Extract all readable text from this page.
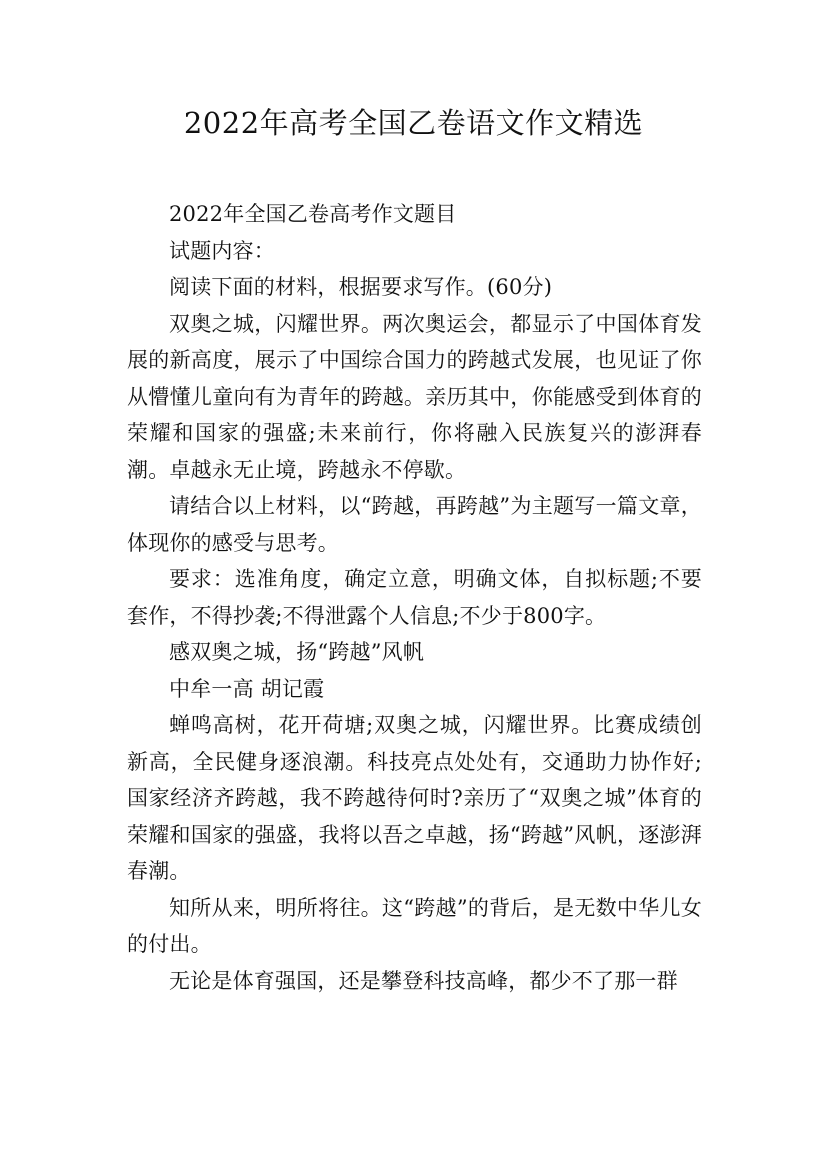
2022年高考全国乙卷语文作文精选

2022年全国乙卷高考作文题目

试题内容：

阅读下面的材料，根据要求写作。(60分)

双奥之城，闪耀世界。两次奥运会，都显示了中国体育发展的新高度，展示了中国综合国力的跨越式发展，也见证了你从懵懂儿童向有为青年的跨越。亲历其中，你能感受到体育的荣耀和国家的强盛;未来前行，你将融入民族复兴的澎湃春潮。卓越永无止境，跨越永不停歇。

请结合以上材料，以“跨越，再跨越”为主题写一篇文章，体现你的感受与思考。

要求：选准角度，确定立意，明确文体，自拟标题;不要套作，不得抄袭;不得泄露个人信息;不少于800字。

感双奥之城，扬“跨越”风帆

中牟一高 胡记霞

蝉鸣高树，花开荷塘;双奥之城，闪耀世界。比赛成绩创新高，全民健身逐浪潮。科技亮点处处有，交通助力协作好;国家经济齐跨越，我不跨越待何时?亲历了“双奥之城”体育的荣耀和国家的强盛，我将以吾之卓越，扬“跨越”风帆，逐澎湃春潮。

知所从来，明所将往。这“跨越”的背后，是无数中华儿女的付出。

无论是体育强国，还是攀登科技高峰，都少不了那一群
